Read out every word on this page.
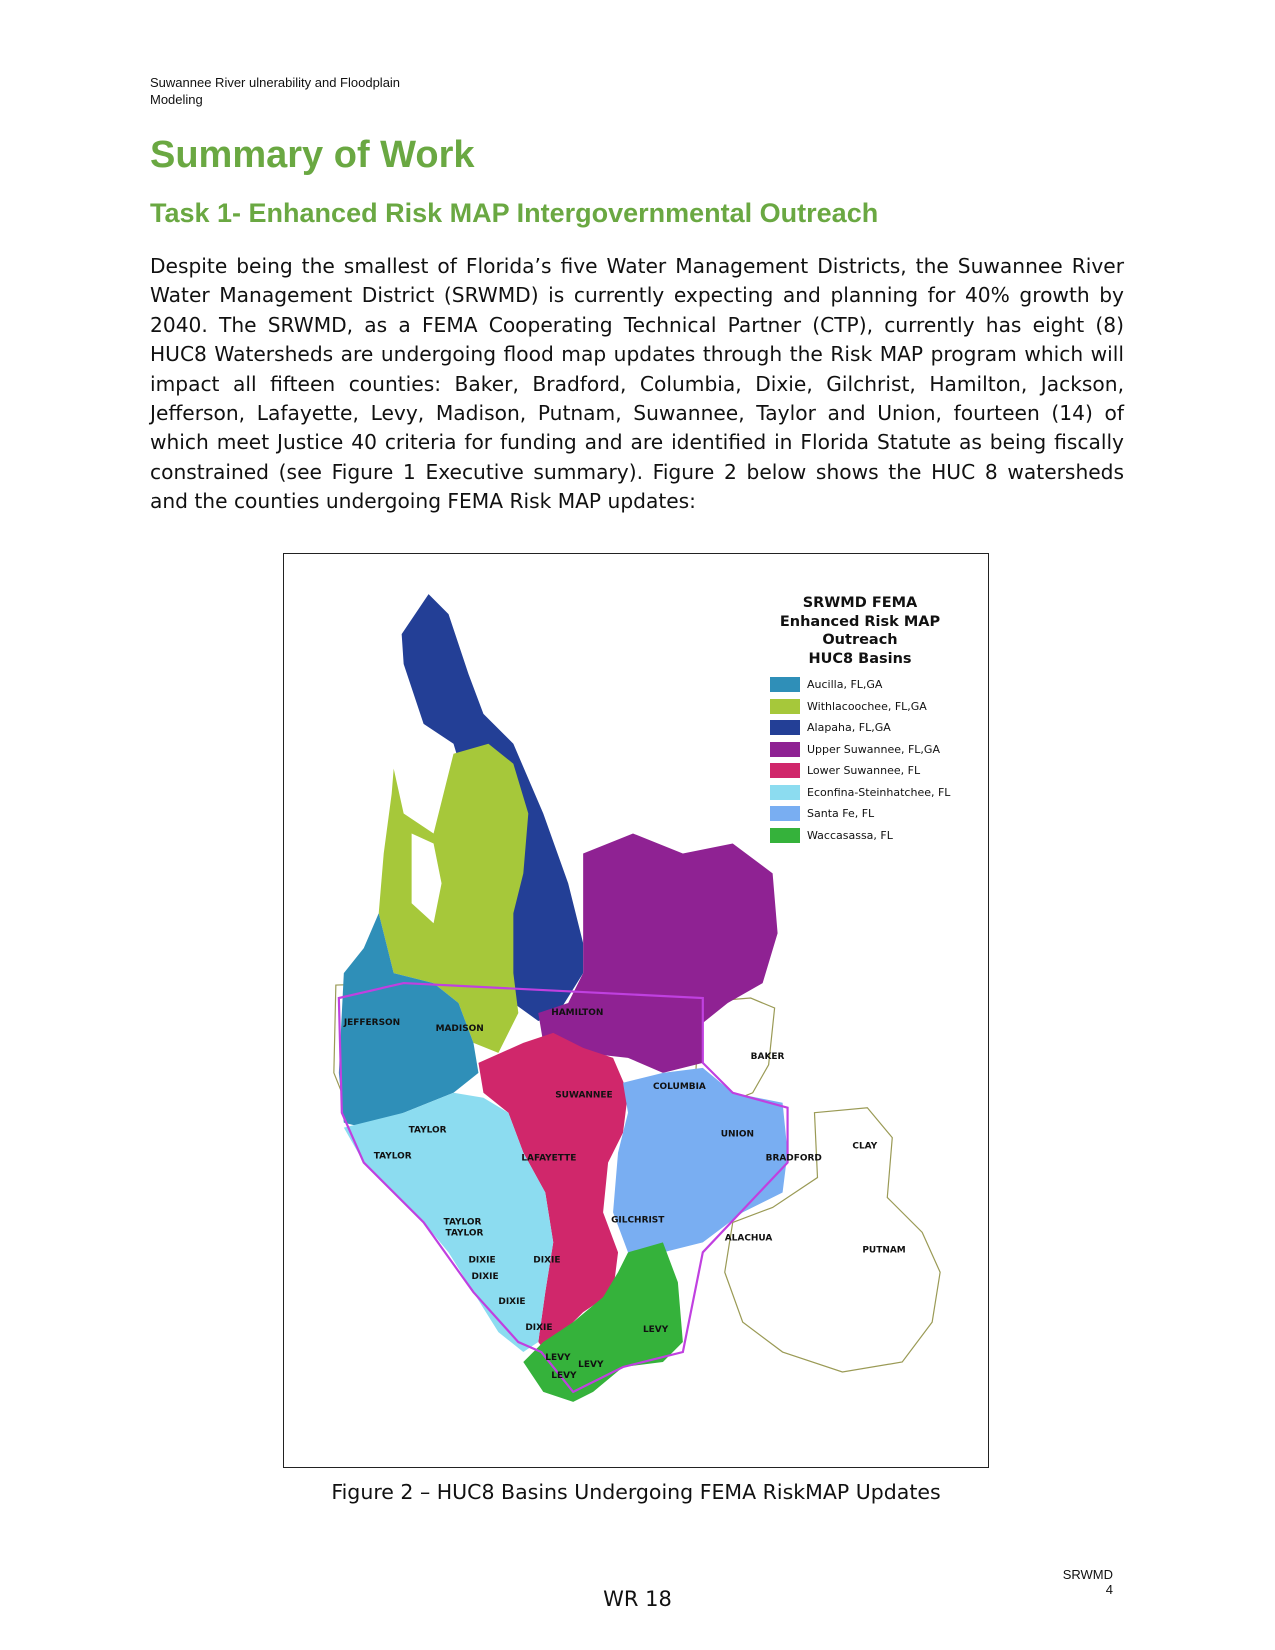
Suwannee River ulnerability and Floodplain
Modeling
Summary of Work
Task 1- Enhanced Risk MAP Intergovernmental Outreach

Despite being the smallest of Florida’s five Water Management Districts, the Suwannee River Water Management District (SRWMD) is currently expecting and planning for 40% growth by 2040. The SRWMD, as a FEMA Cooperating Technical Partner (CTP), currently has eight (8) HUC8 Watersheds are undergoing flood map updates through the Risk MAP program which will impact all fifteen counties: Baker, Bradford, Columbia, Dixie, Gilchrist, Hamilton, Jackson, Jefferson, Lafayette, Levy, Madison, Putnam, Suwannee, Taylor and Union, fourteen (14) of which meet Justice 40 criteria for funding and are identified in Florida Statute as being fiscally constrained (see Figure 1 Executive summary). Figure 2 below shows the HUC 8 watersheds and the counties undergoing FEMA Risk MAP updates:

JEFFERSON
MADISON
HAMILTON
BAKER
SUWANNEE
COLUMBIA
TAYLOR
TAYLOR
UNION
CLAY
LAFAYETTE	BRADFORD
TAYLOR
TAYLOR
GILCHRIST
ALACHUA
PUTNAM
DIXIE	DIXIE
DIXIE
DIXIE
DIXIE	LEVY
LEVY
LEVY
LEVY
SRWMD FEMA
Enhanced Risk MAP Outreach
HUC8 Basins
Aucilla, FL,GA
Withlacoochee, FL,GA
Alapaha, FL,GA
Upper Suwannee, FL,GA
Lower Suwannee, FL
Econfina-Steinhatchee, FL
Santa Fe, FL
Waccasassa, FL

Figure 2 – HUC8 Basins Undergoing FEMA RiskMAP Updates

WR 18
SRWMD
4
